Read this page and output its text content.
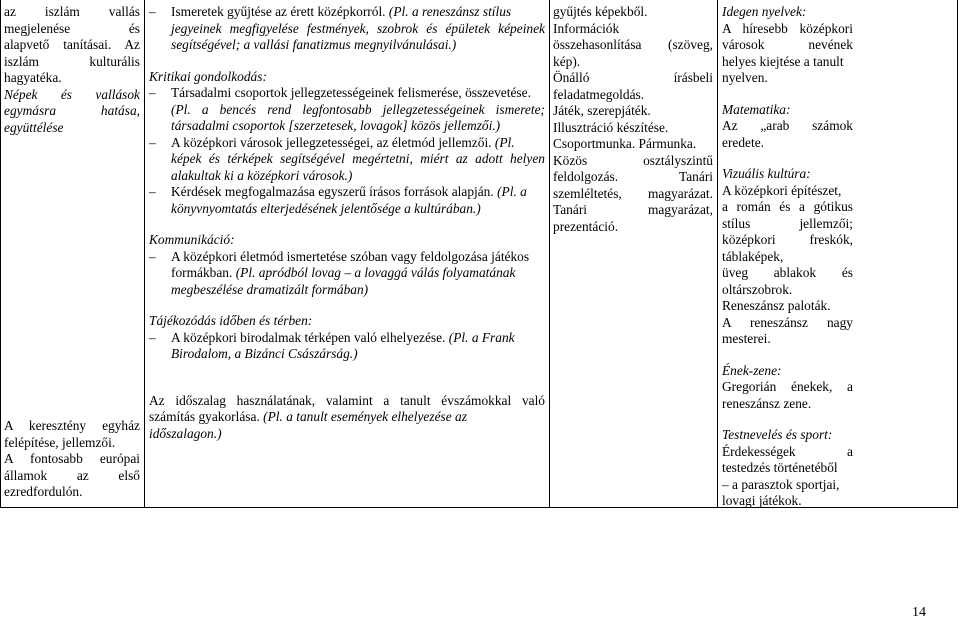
az iszlám vallás
megjelenése és
alapvető tanításai. Az
iszlám kulturális
hagyatéka.
Népek és vallások
egymásra hatása,
együttélése
A keresztény egyház
felépítése, jellemzői.
A fontosabb európai
államok az első
ezredfordulón.
– Ismeretek gyűjtése az érett középkorról. (Pl. a reneszánsz stílus
jegyeinek megfigyelése festmények, szobrok és épületek képeinek
segítségével; a vallási fanatizmus megnyilvánulásai.)
Kritikai gondolkodás:
– Társadalmi csoportok jellegzetességeinek felismerése, összevetése.
(Pl. a bencés rend legfontosabb jellegzetességeinek ismerete;
társadalmi csoportok [szerzetesek, lovagok] közös jellemzői.)
– A középkori városok jellegzetességei, az életmód jellemzői. (Pl.
képek és térképek segítségével megértetni, miért az adott helyen
alakultak ki a középkori városok.)
– Kérdések megfogalmazása egyszerű írásos források alapján. (Pl. a
könyvnyomtatás elterjedésének jelentősége a kultúrában.)
Kommunikáció:
– A középkori életmód ismertetése szóban vagy feldolgozása játékos
formákban. (Pl. apródból lovag – a lovaggá válás folyamatának
megbeszélése dramatizált formában)
Tájékozódás időben és térben:
– A középkori birodalmak térképen való elhelyezése. (Pl. a Frank
Birodalom, a Bizánci Császárság.)
Az időszalag használatának, valamint a tanult évszámokkal való
számítás gyakorlása. (Pl. a tanult események elhelyezése az
időszalagon.)
gyűjtés képekből.
Információk
összehasonlítása (szöveg,
kép).
Önálló írásbeli
feladatmegoldás.
Játék, szerepjáték.
Illusztráció készítése.
Csoportmunka. Pármunka.
Közös osztályszintű
feldolgozás. Tanári
szemléltetés, magyarázat.
Tanári magyarázat,
prezentáció.
Idegen nyelvek:
A híresebb középkori
városok nevének
helyes kiejtése a tanult
nyelven.
Matematika:
Az „arab számok
eredete.
Vizuális kultúra:
A középkori építészet,
a román és a gótikus
stílus jellemzői;
középkori freskók,
táblaképek,
üveg ablakok és
oltárszobrok.
Reneszánsz paloták.
A reneszánsz nagy
mesterei.
Ének-zene:
Gregorián énekek, a
reneszánsz zene.
Testnevelés és sport:
Érdekességek a
testedzés történetéből
– a parasztok sportjai,
lovagi játékok.
14
